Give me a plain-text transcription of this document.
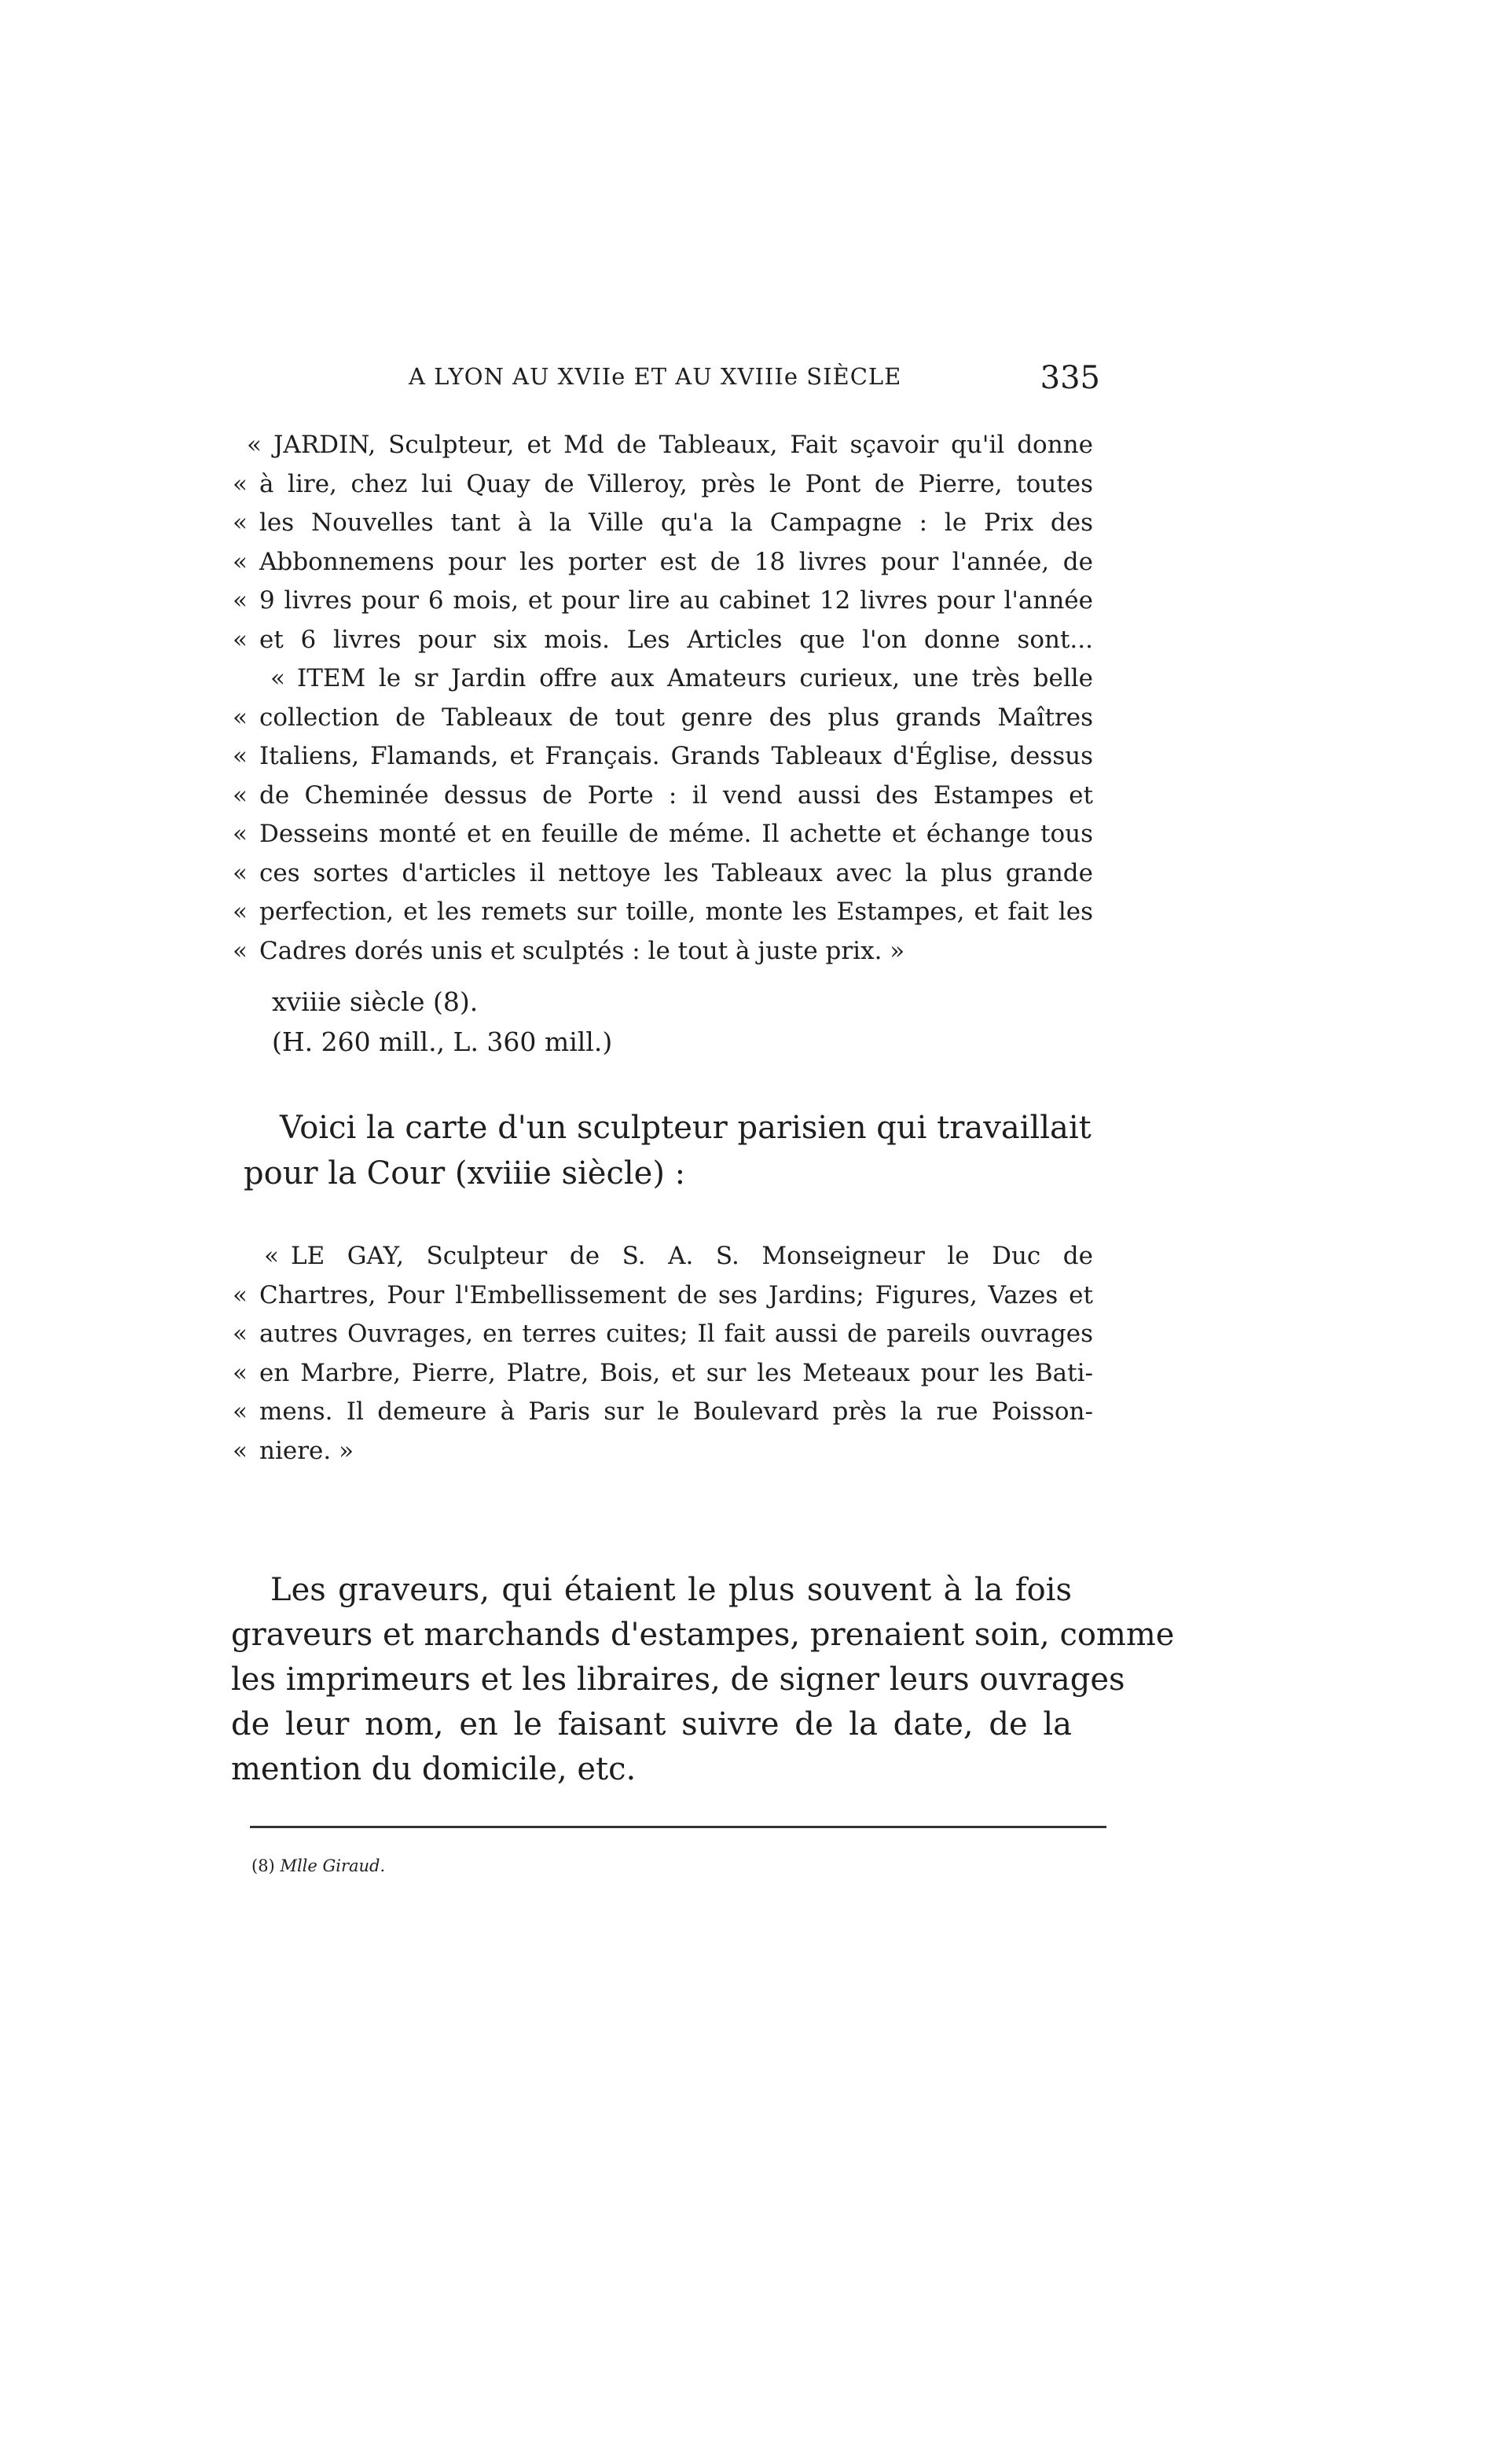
A LYON AU XVIIe ET AU XVIIIe SIÈCLE	335
« JARDIN, Sculpteur, et Md de Tableaux, Fait sçavoir qu'il donne
« à lire, chez lui Quay de Villeroy, près le Pont de Pierre, toutes
« les Nouvelles tant à la Ville qu'a la Campagne : le Prix des
« Abbonnemens pour les porter est de 18 livres pour l'année, de
« 9 livres pour 6 mois, et pour lire au cabinet 12 livres pour l'année
« et 6 livres pour six mois. Les Articles que l'on donne sont...
« ITEM le sr Jardin offre aux Amateurs curieux, une très belle
« collection de Tableaux de tout genre des plus grands Maîtres
« Italiens, Flamands, et Français. Grands Tableaux d'Église, dessus
« de Cheminée dessus de Porte : il vend aussi des Estampes et
« Desseins monté et en feuille de méme. Il achette et échange tous
« ces sortes d'articles il nettoye les Tableaux avec la plus grande
« perfection, et les remets sur toille, monte les Estampes, et fait les
« Cadres dorés unis et sculptés : le tout à juste prix. »
xviiie siècle (8).
(H. 260 mill., L. 360 mill.)
Voici la carte d'un sculpteur parisien qui travaillait
pour la Cour (xviiie siècle) :
« LE GAY, Sculpteur de S. A. S. Monseigneur le Duc de
« Chartres, Pour l'Embellissement de ses Jardins; Figures, Vazes et
« autres Ouvrages, en terres cuites; Il fait aussi de pareils ouvrages
« en Marbre, Pierre, Platre, Bois, et sur les Meteaux pour les Bati-
« mens. Il demeure à Paris sur le Boulevard près la rue Poisson-
« niere. »
Les graveurs, qui étaient le plus souvent à la fois
graveurs et marchands d'estampes, prenaient soin, comme
les imprimeurs et les libraires, de signer leurs ouvrages
de leur nom, en le faisant suivre de la date, de la
mention du domicile, etc.
(8) Mlle Giraud.
